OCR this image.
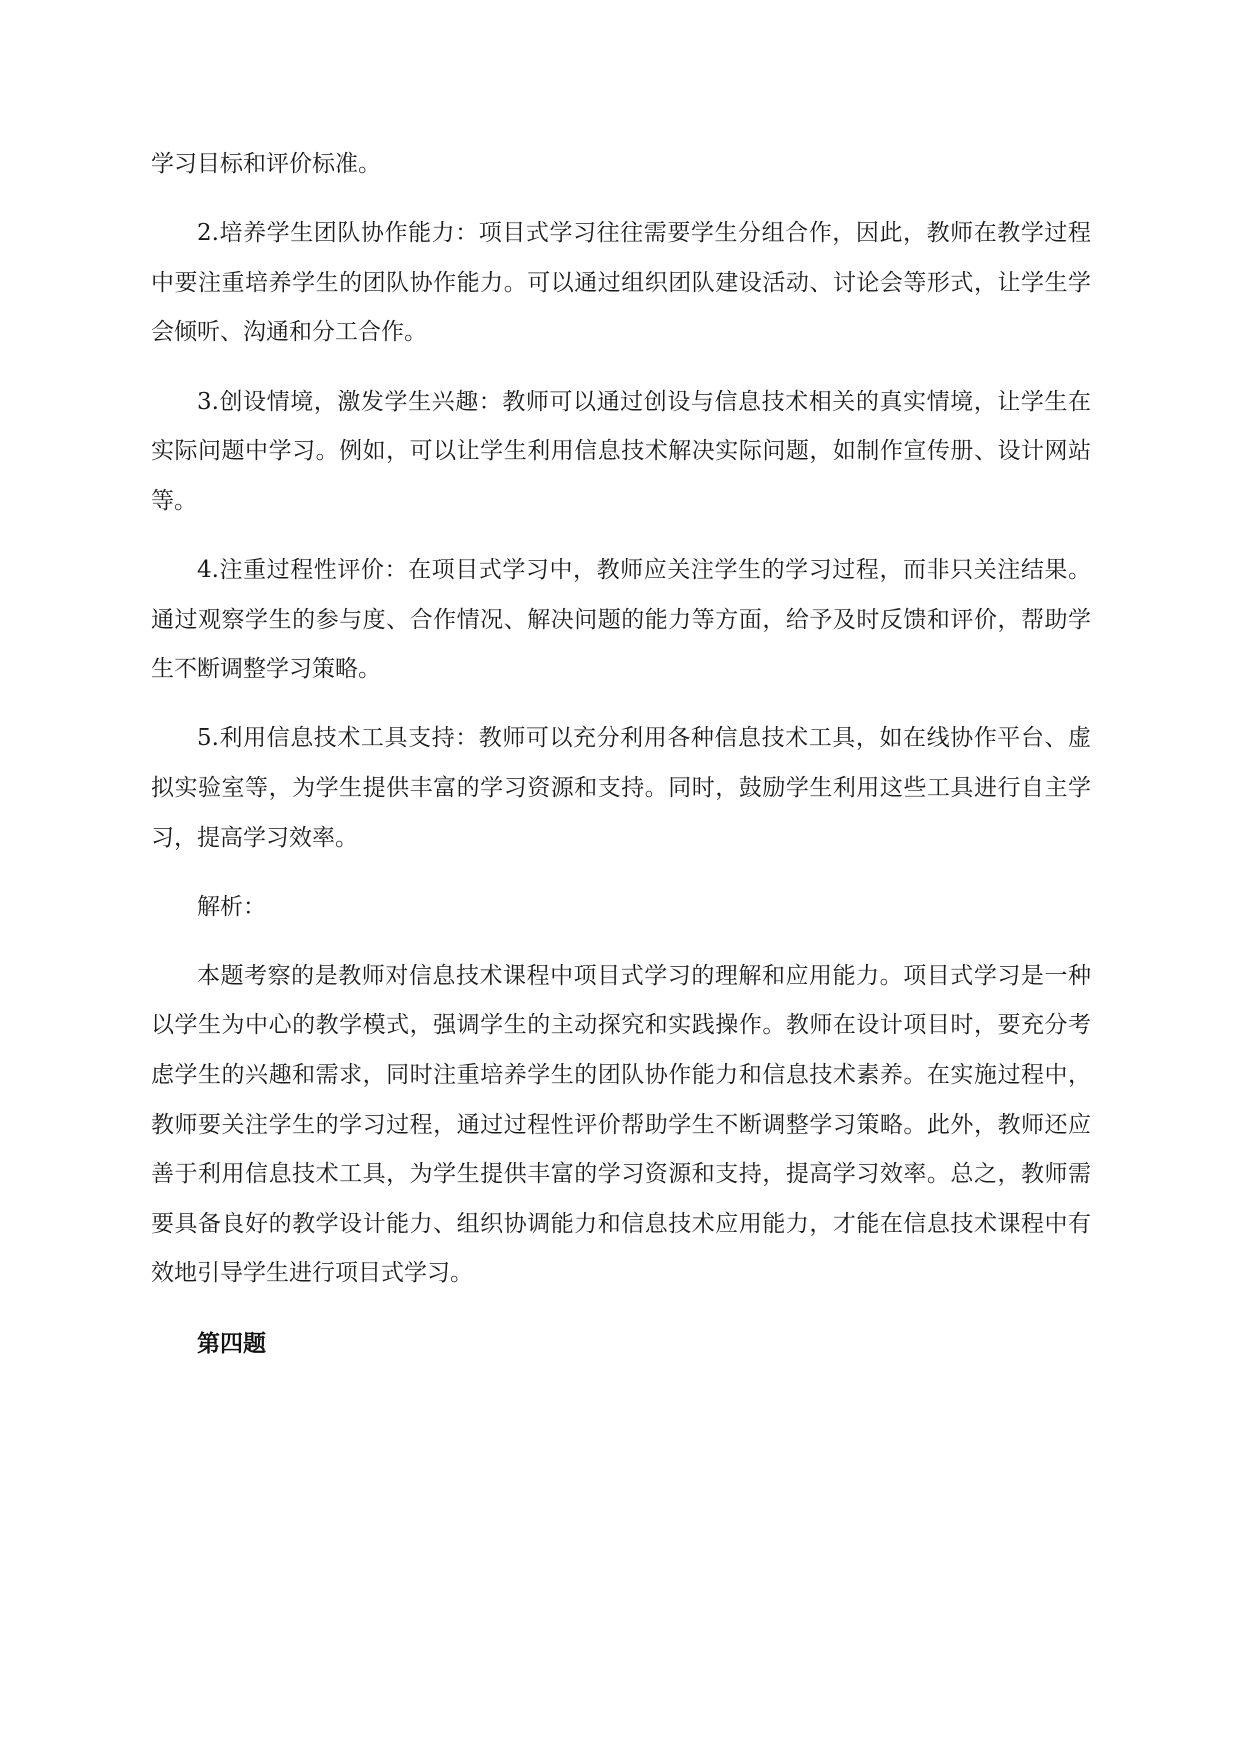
学习目标和评价标准。

2.培养学生团队协作能力：项目式学习往往需要学生分组合作，因此，教师在教学过程中要注重培养学生的团队协作能力。可以通过组织团队建设活动、讨论会等形式，让学生学会倾听、沟通和分工合作。

3.创设情境，激发学生兴趣：教师可以通过创设与信息技术相关的真实情境，让学生在实际问题中学习。例如，可以让学生利用信息技术解决实际问题，如制作宣传册、设计网站等。

4.注重过程性评价：在项目式学习中，教师应关注学生的学习过程，而非只关注结果。通过观察学生的参与度、合作情况、解决问题的能力等方面，给予及时反馈和评价，帮助学生不断调整学习策略。

5.利用信息技术工具支持：教师可以充分利用各种信息技术工具，如在线协作平台、虚拟实验室等，为学生提供丰富的学习资源和支持。同时，鼓励学生利用这些工具进行自主学习，提高学习效率。

解析：

本题考察的是教师对信息技术课程中项目式学习的理解和应用能力。项目式学习是一种以学生为中心的教学模式，强调学生的主动探究和实践操作。教师在设计项目时，要充分考虑学生的兴趣和需求，同时注重培养学生的团队协作能力和信息技术素养。在实施过程中，教师要关注学生的学习过程，通过过程性评价帮助学生不断调整学习策略。此外，教师还应善于利用信息技术工具，为学生提供丰富的学习资源和支持，提高学习效率。总之，教师需要具备良好的教学设计能力、组织协调能力和信息技术应用能力，才能在信息技术课程中有效地引导学生进行项目式学习。

第四题
